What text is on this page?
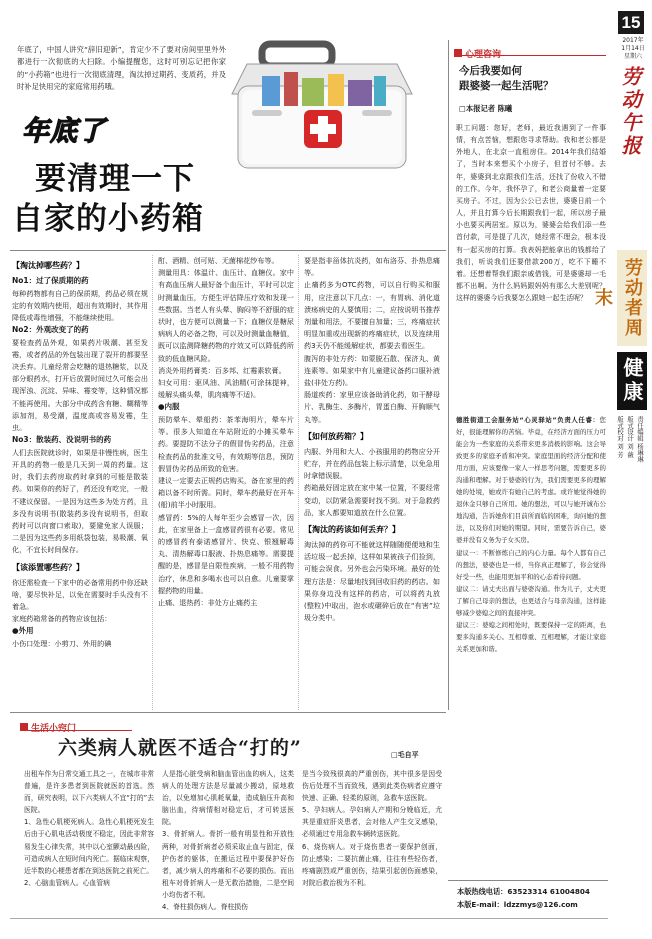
15
2017年
1月14日
星期六
劳动午报
劳动者周末
健康
责任编辑 杨琳琳
版式设计 刘 薇
版式校对 刘 芳
年底了，中国人讲究“辞旧迎新”，肯定少不了要对房间里里外外都进行一次彻底的大扫除。小编提醒您，这时可别忘记把你家的“小药箱”也进行一次彻底清理，淘汰掉过期药、变质药，并及时补足快用完的家庭常用药哦。
年底了
要清理一下
自家的小药箱
【淘汰掉哪些药？】
No1：过了保质期的药
每种药物都有自己的保质期，药品必须在规定的有效期内使用，超出有效期时，其作用降低或毒性增强，不能继续使用。
No2：外观改变了的药
要检查药品外观，如果药片吸潮、甚至发霉，或者药品的外包装出现了裂开的都要坚决丢弃。儿童经常会吃糖的退热糖浆，以及部分眼药水，打开后放置时间过久可能会出现浑浊、沉淀、异味、霉变等，这种情况都不能再使用。大部分中成药含有糖、糊精等添加剂，易受潮，温度高或容易发霉，生虫。
No3：散装药、没说明书的药
人们去医院就诊时，如果是非慢性病，医生开具的药物一般是几天到一周的药量。这时，我们去药房取药时拿到的可能是散装药。如果你的药好了，药还没有吃完，一般不建议保留。一是因为这些多为处方药，且多没有说明书(散装药多没有说明书，但取药时可以向窗口索取)，要避免家人误服；二是因为这些药多用纸袋包装，易吸潮、氧化，不宜长时间保存。
【该添置哪些药？】
你还需检查一下家中的必备常用药中你还缺啥，要尽快补足，以免在需要时手头没有不着急。
家庭药箱常备的药物应该包括：
●外用
小伤口处理：小剪刀、外用的碘
酊、酒精、创可贴、无菌棉花纱布等。
测量用具：体温计、血压计、血糖仪。家中有高血压病人最好备个血压计，平时可以定时测量血压，方便生评估降压疗效和发现一些数据。当老人有头晕、胸闷等不舒服的症状时，也方便可以测量一下；血糖仪是糖尿病病人的必备之物，可以及时测量血糖值，既可以监测降糖药物的疗效又可以降低药所致的低血糖风险。
消炎外用药膏类：百多邦、红霉素软膏。
妇女可用：驱风油、风油精(可涂抹提神，缓解头痛头晕，肌肉痛等不适)。
●内服
预防晕车、晕船药：茶苯海明片，晕车片等。很多人知道在车站附近的小摊买晕车药。要提防不法分子的假冒伪劣药品，注意检查药品的批准文号，有效期等信息，预防假冒伪劣药品所致的危害。
建议一定要去正规药店购买，备在家里的药箱以备不时所需。同时，晕车药最好在开车(船)前半小时服用。
感冒药：5%的人每年至少会感冒一次，因此，在家里备上一盒感冒药很有必要。常见的感冒药有泰诺感冒片、快克、银翘解毒丸、清热解毒口服液、扑热息痛等。需要提醒的是，感冒是自限性疾病，一般不用药物治疗，休息和多喝水也可以自愈。儿童要掌握药物的用量。
止痛、退热药：非处方止痛药主
要是指非甾体抗炎药，如布洛芬、扑热息痛等。
止痛药多为OTC药物，可以自行购买和服用，应注意以下几点：一，有胃病、消化道溃疡病史的人要慎用；二，应按说明书推荐剂量和用法，不要擅自加量；三，疼痛症状明显加重或出现新的疼痛症状，以及连续用药3天仍不能缓解症状，都要去看医生。
腹泻的非处方药：如蒙脱石散、保济丸、黄连素等。如果家中有儿童建议备药口服补液盐(非处方药)。
肠道疾药：家里应该备助消化药，如干酵母片、乳酶生、多酶片，胃蛋白酶、开胸顺气丸等。
【如何放药箱？】
内服、外用和大人、小孩服用的药物应分开贮存，并在药品包装上标示清楚，以免急用时拿错误服。
药箱最好固定放在家中某一位置，不要经常变动，以防紧急需要时找不到。对于急救药品，家人都要知道放在什么位置。
【淘汰的药该如何丢弃？】
淘汰掉的药你可不能就这样随随便便地和生活垃圾一起丢掉，这样如果被孩子们捡到，可能会误食。另外也会污染环境。最好的处理方法是：尽量地找到回收旧药的药店。如果你身边没有这样的药店，可以将药丸放(整粒)中取出，泡水或碾碎后放在“有害”垃圾分类中。
心理咨询
今后我要如何
跟婆婆一起生活呢？
□本报记者 陈曦
职工问题：您好，老师，最近我遇到了一件事情，有点苦恼，想跟您寻求帮助。我和老公都是外地人，在北京一直租房住。2014年我们结婚了，当时本来想买个小房子，但首付不够。去年，婆婆到北京跟我们生活，还找了份收入不错的工作。今年，我怀孕了，和老公商量着一定要买房子。不过，因为公公已去世，婆婆日前一个人，并且打算今后长期跟我们一起，所以房子最小也要买两居室。原以为，婆婆会给我们添一些首付款，可是提了几次，她经常不理会，根本没有一起买房的打算。我表妈把能拿出的钱都给了我们，听说我们还要借款200万，吃不下睡不着。还想着帮我们跟亲戚借钱，可是婆婆却一毛都不出啊。为什么妈妈跟妈妈有那么大差别呢？这样的婆婆今后我要怎么跟她一起生活呢？
德胜街道工会服务站“心灵驿站”负责人任睿：您好，很能理解你的苦恼。毕竟，在经济方面的压力可能会为一些家庭的关系带来更多消极的影响。这会导致更多的家庭矛盾和冲突。家庭里面的经济分配和使用方面，应该要像一家人一样思考问题，需要更多的沟通和理解。对于婆婆的行为，我们需要更多的理解她的处境，她或许有她自己的考虑。或许她觉得她的退休金只够自己所用。她的想法，可以与她开诚布公地沟通，告诉她你们目前所面临的困难，询问她的想法，以及你们对她的期望。同时，需要告诉自己，婆婆并没有义务为子女买房。
建议一：不断修炼自己的内心力量。每个人都有自己的想法，婆婆也是一样，当你真正理解了，你会觉得好受一些，也能用更加平和的心态看待问题。
建议二：请丈夫出面与婆婆沟通。作为儿子，丈夫更了解自己母亲的想法，也更适合与母亲沟通，这样能够减少婆媳之间的直接冲突。
建议三：婆媳之间相处时，既要保持一定的距离，也要多沟通多关心。互相尊重、互相理解，才能让家庭关系更加和谐。
生活小窍门
六类病人就医不适合“打的”	□毛自平
出租车作为日常交通工具之一，在城市非常普遍，是许多患者到医院就医的首选。然而，研究表明，以下六类病人不宜“打的”去医院。
1、急性心肌梗死病人。急性心肌梗死发生后由于心肌电活动极度不稳定，因此非常容易发生心律失常，其中以心室颤动最凶险，可造成病人在短时间内死亡。据临床观察，近半数的心梗患者都在到达医院之前死亡。
2、心脑血管病人。心血管病
人是指心脏受病和脑血管出血的病人，这类病人的处理方法是尽量减少搬动，原地救治，以免增加心肌耗氧量，造成脑压升高和脑出血，待病情相对稳定后，才可转送医院。
3、骨折病人。骨折一般有明显性和开放性两种，对骨折病者必须采取止血与固定，保护伤者的躯体，在搬运过程中要保护好伤者，减少病人的疼痛和不必要的损伤。而出租车对骨折病人一是无救治措施，二是空间小均伤者不利。
4、脊柱损伤病人。脊柱损伤
是当今致残很高的严重创伤，其中很多是因受伤后处理不当而致残，遇到此类伤病者应遵守快速、正确、轻柔的原则，急救车送医院。
5、孕妇病人。孕妇病人产期和分娩临近，尤其是重症肝炎患者，会对他人产生交叉感染，必须通过专用急救车辆转送医院。
6、烧伤病人。对于烧伤患者一要保护创面，防止感染；二要抗菌止痛，往往有些轻伤者，疼痛剧烈或严重创伤，结果引起创伤面感染，对院后救治极为不利。
本版热线电话：63523314 61004804
本版E-mail：ldzzmys@126.com
